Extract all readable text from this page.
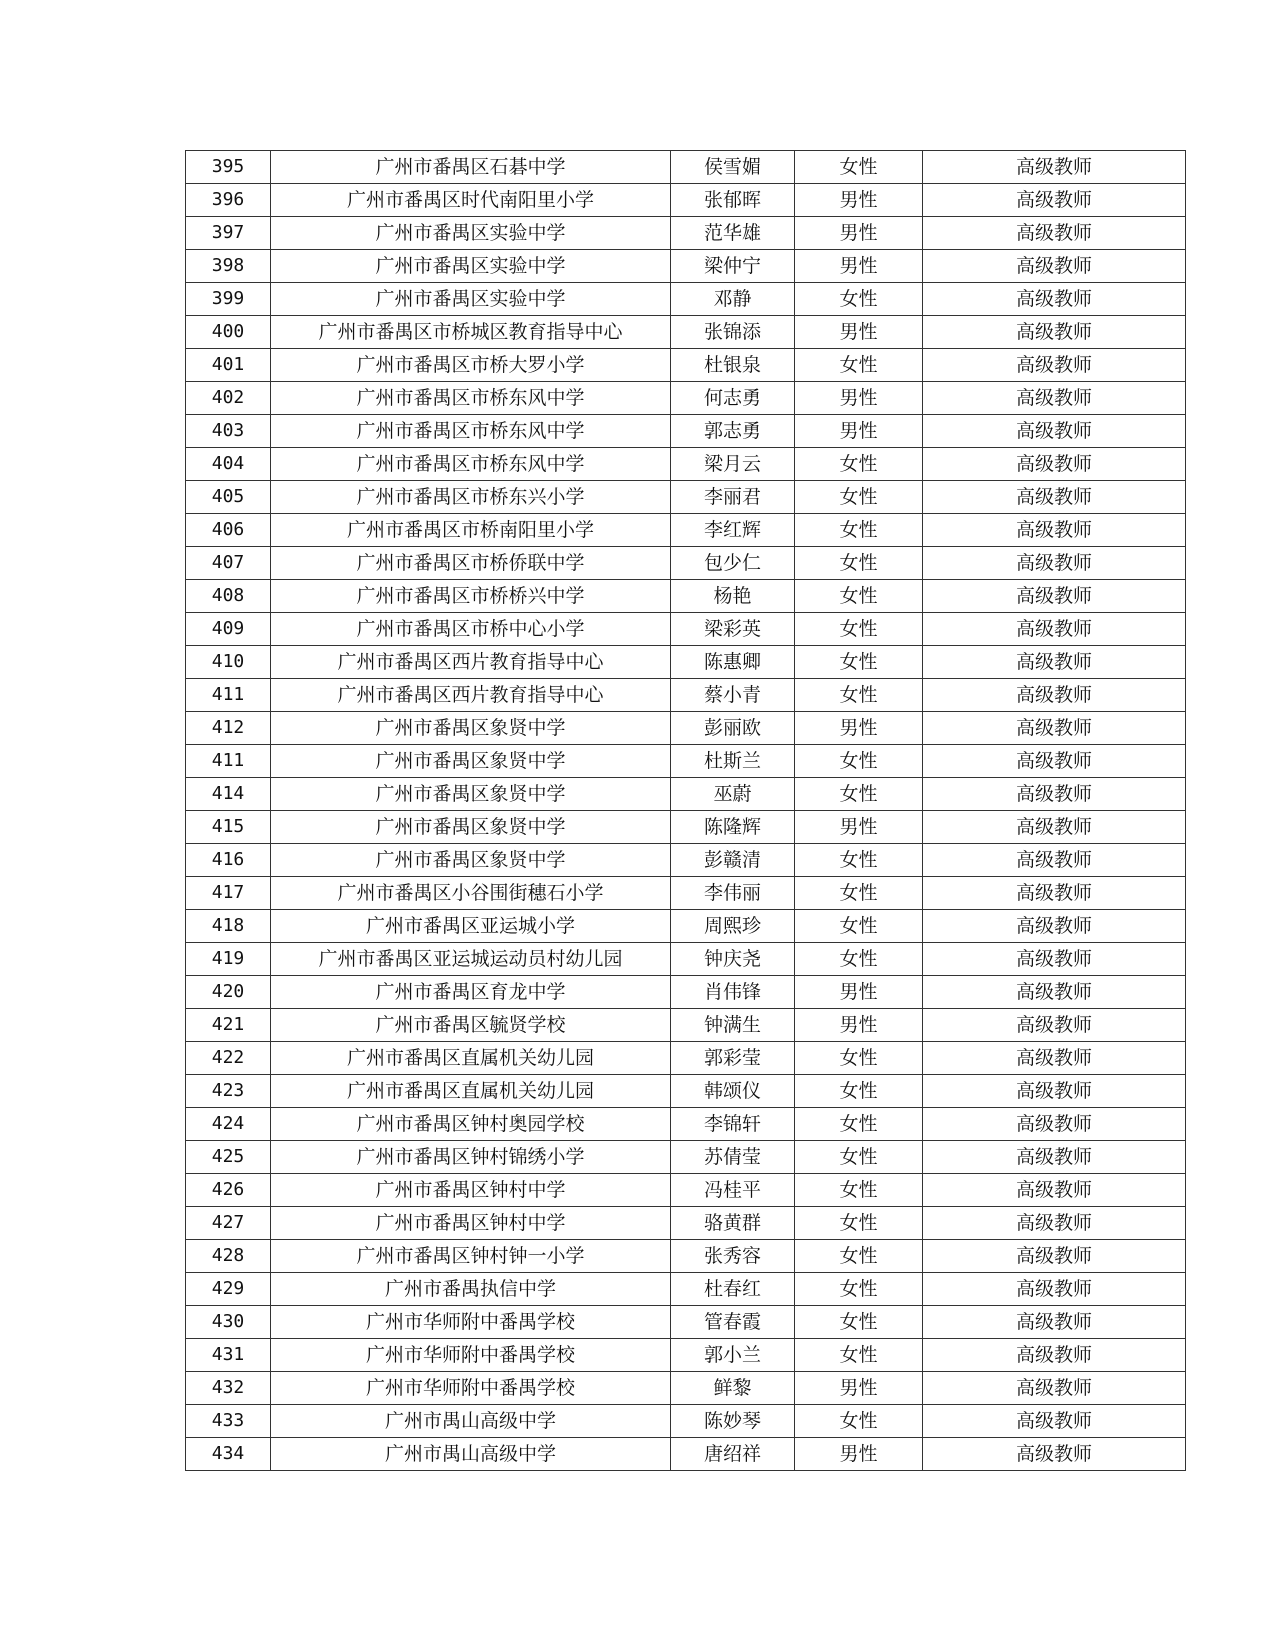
395	广州市番禺区石碁中学	侯雪媚	女性	高级教师
396	广州市番禺区时代南阳里小学	张郁晖	男性	高级教师
397	广州市番禺区实验中学	范华雄	男性	高级教师
398	广州市番禺区实验中学	梁仲宁	男性	高级教师
399	广州市番禺区实验中学	邓静	女性	高级教师
400	广州市番禺区市桥城区教育指导中心	张锦添	男性	高级教师
401	广州市番禺区市桥大罗小学	杜银泉	女性	高级教师
402	广州市番禺区市桥东风中学	何志勇	男性	高级教师
403	广州市番禺区市桥东风中学	郭志勇	男性	高级教师
404	广州市番禺区市桥东风中学	梁月云	女性	高级教师
405	广州市番禺区市桥东兴小学	李丽君	女性	高级教师
406	广州市番禺区市桥南阳里小学	李红辉	女性	高级教师
407	广州市番禺区市桥侨联中学	包少仁	女性	高级教师
408	广州市番禺区市桥桥兴中学	杨艳	女性	高级教师
409	广州市番禺区市桥中心小学	梁彩英	女性	高级教师
410	广州市番禺区西片教育指导中心	陈惠卿	女性	高级教师
411	广州市番禺区西片教育指导中心	蔡小青	女性	高级教师
412	广州市番禺区象贤中学	彭丽欧	男性	高级教师
411	广州市番禺区象贤中学	杜斯兰	女性	高级教师
414	广州市番禺区象贤中学	巫蔚	女性	高级教师
415	广州市番禺区象贤中学	陈隆辉	男性	高级教师
416	广州市番禺区象贤中学	彭赣清	女性	高级教师
417	广州市番禺区小谷围街穗石小学	李伟丽	女性	高级教师
418	广州市番禺区亚运城小学	周熙珍	女性	高级教师
419	广州市番禺区亚运城运动员村幼儿园	钟庆尧	女性	高级教师
420	广州市番禺区育龙中学	肖伟锋	男性	高级教师
421	广州市番禺区毓贤学校	钟满生	男性	高级教师
422	广州市番禺区直属机关幼儿园	郭彩莹	女性	高级教师
423	广州市番禺区直属机关幼儿园	韩颂仪	女性	高级教师
424	广州市番禺区钟村奥园学校	李锦轩	女性	高级教师
425	广州市番禺区钟村锦绣小学	苏倩莹	女性	高级教师
426	广州市番禺区钟村中学	冯桂平	女性	高级教师
427	广州市番禺区钟村中学	骆黄群	女性	高级教师
428	广州市番禺区钟村钟一小学	张秀容	女性	高级教师
429	广州市番禺执信中学	杜春红	女性	高级教师
430	广州市华师附中番禺学校	管春霞	女性	高级教师
431	广州市华师附中番禺学校	郭小兰	女性	高级教师
432	广州市华师附中番禺学校	鲜黎	男性	高级教师
433	广州市禺山高级中学	陈妙琴	女性	高级教师
434	广州市禺山高级中学	唐绍祥	男性	高级教师
